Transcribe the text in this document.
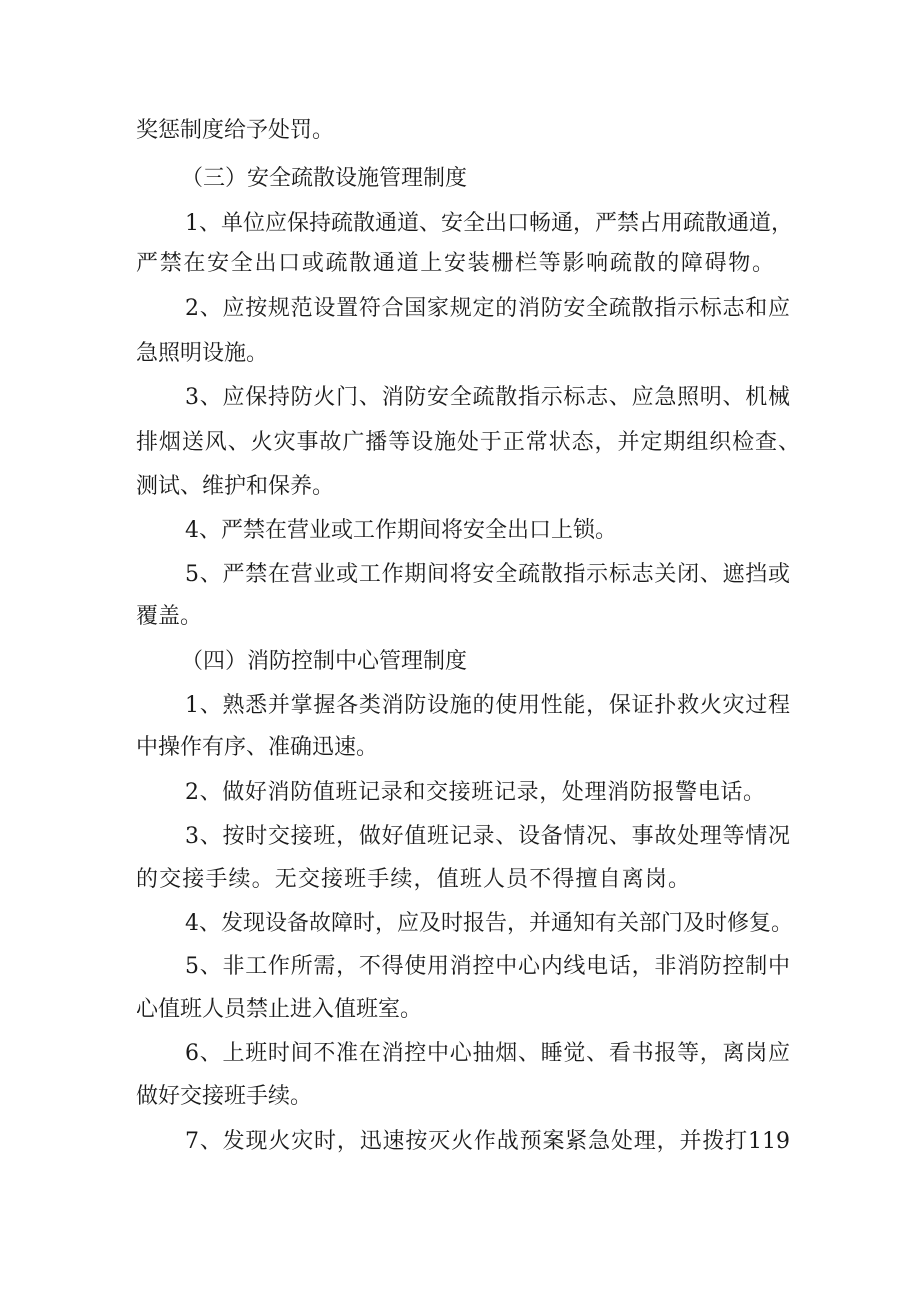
奖惩制度给予处罚。
（三）安全疏散设施管理制度
1、单位应保持疏散通道、安全出口畅通，严禁占用疏散通道，
严禁在安全出口或疏散通道上安装栅栏等影响疏散的障碍物。
2、应按规范设置符合国家规定的消防安全疏散指示标志和应
急照明设施。
3、应保持防火门、消防安全疏散指示标志、应急照明、机械
排烟送风、火灾事故广播等设施处于正常状态，并定期组织检查、
测试、维护和保养。
4、严禁在营业或工作期间将安全出口上锁。
5、严禁在营业或工作期间将安全疏散指示标志关闭、遮挡或
覆盖。
（四）消防控制中心管理制度
1、熟悉并掌握各类消防设施的使用性能，保证扑救火灾过程
中操作有序、准确迅速。
2、做好消防值班记录和交接班记录，处理消防报警电话。
3、按时交接班，做好值班记录、设备情况、事故处理等情况
的交接手续。无交接班手续，值班人员不得擅自离岗。
4、发现设备故障时，应及时报告，并通知有关部门及时修复。
5、非工作所需，不得使用消控中心内线电话，非消防控制中
心值班人员禁止进入值班室。
6、上班时间不准在消控中心抽烟、睡觉、看书报等，离岗应
做好交接班手续。
7、发现火灾时，迅速按灭火作战预案紧急处理，并拨打119
